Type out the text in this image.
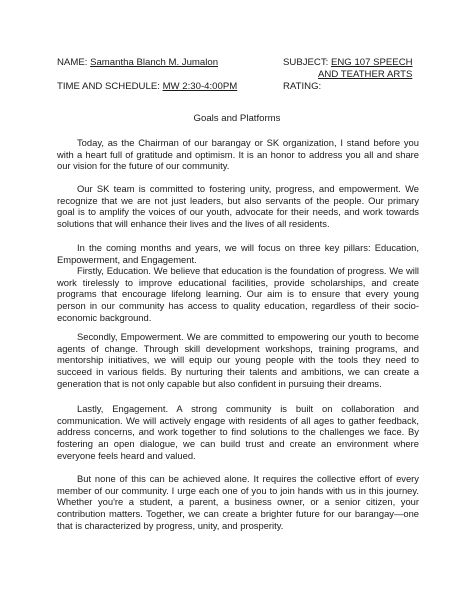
NAME: Samantha Blanch M. Jumalon	SUBJECT: ENG 107 SPEECH
AND TEATHER ARTS
TIME AND SCHEDULE: MW 2:30-4:00PM	RATING:
Goals and Platforms

Today, as the Chairman of our barangay or SK organization, I stand before you with a heart full of gratitude and optimism. It is an honor to address you all and share our vision for the future of our community.

Our SK team is committed to fostering unity, progress, and empowerment. We recognize that we are not just leaders, but also servants of the people. Our primary goal is to amplify the voices of our youth, advocate for their needs, and work towards solutions that will enhance their lives and the lives of all residents.

In the coming months and years, we will focus on three key pillars: Education, Empowerment, and Engagement.

Firstly, Education. We believe that education is the foundation of progress. We will work tirelessly to improve educational facilities, provide scholarships, and create programs that encourage lifelong learning. Our aim is to ensure that every young person in our community has access to quality education, regardless of their socio-economic background.

Secondly, Empowerment. We are committed to empowering our youth to become agents of change. Through skill development workshops, training programs, and mentorship initiatives, we will equip our young people with the tools they need to succeed in various fields. By nurturing their talents and ambitions, we can create a generation that is not only capable but also confident in pursuing their dreams.

Lastly, Engagement. A strong community is built on collaboration and communication. We will actively engage with residents of all ages to gather feedback, address concerns, and work together to find solutions to the challenges we face. By fostering an open dialogue, we can build trust and create an environment where everyone feels heard and valued.

But none of this can be achieved alone. It requires the collective effort of every member of our community. I urge each one of you to join hands with us in this journey. Whether you're a student, a parent, a business owner, or a senior citizen, your contribution matters. Together, we can create a brighter future for our barangay—one that is characterized by progress, unity, and prosperity.
